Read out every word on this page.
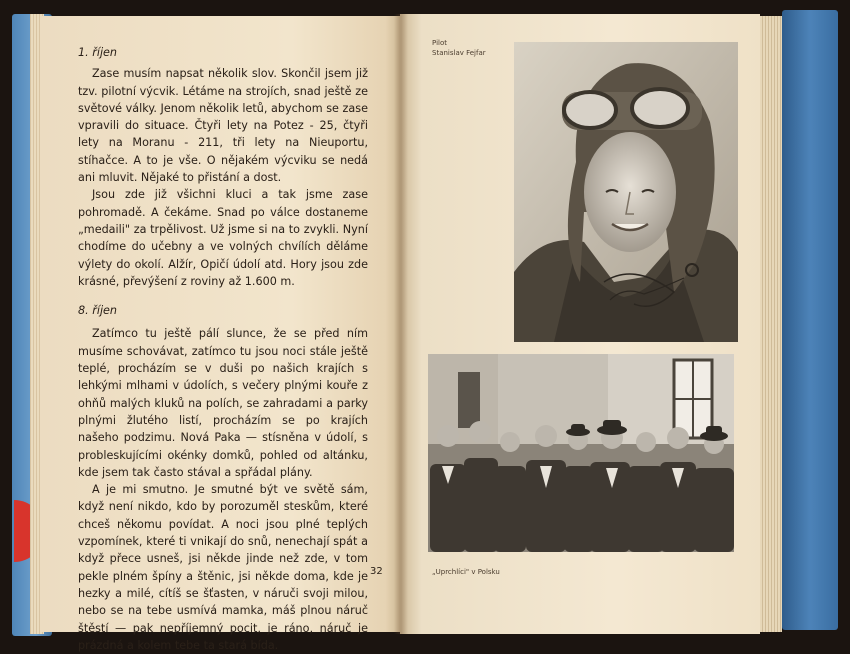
1. říjen

Zase musím napsat několik slov. Skončil jsem již tzv. pilotní výcvik. Létáme na strojích, snad ještě ze světové války. Jenom několik letů, abychom se zase vpravili do situace. Čtyři lety na Potez - 25, čtyři lety na Moranu - 211, tři lety na Nieuportu, stíhačce. A to je vše. O nějakém výcviku se nedá ani mluvit. Nějaké to přistání a dost.

Jsou zde již všichni kluci a tak jsme zase pohromadě. A čekáme. Snad po válce dostaneme „medaili" za trpělivost. Už jsme si na to zvykli. Nyní chodíme do učebny a ve volných chvílích děláme výlety do okolí. Alžír, Opičí údolí atd. Hory jsou zde krásné, převýšení z roviny až 1.600 m.

8. říjen

Zatímco tu ještě pálí slunce, že se před ním musíme schovávat, zatímco tu jsou noci stále ještě teplé, procházím se v duši po našich krajích s lehkými mlhami v údolích, s večery plnými kouře z ohňů malých kluků na polích, se zahradami a parky plnými žlutého listí, procházím se po krajích našeho podzimu. Nová Paka — stísněna v údolí, s probleskujícími okénky domků, pohled od altánku, kde jsem tak často stával a spřádal plány.

A je mi smutno. Je smutné být ve světě sám, když není nikdo, kdo by porozuměl steskům, které chceš někomu povídat. A noci jsou plné teplých vzpomínek, které ti vnikají do snů, nenechají spát a když přece usneš, jsi někde jinde než zde, v tom pekle plném špíny a štěnic, jsi někde doma, kde je hezky a milé, cítíš se šťasten, v náruči svoji milou, nebo se na tebe usmívá mamka, máš plnou náruč štěstí — pak nepříjemný pocit, je ráno, náruč je prázdná a kolem tebe ta stará bída.

32
Pilot
Stanislav Fejfar
„Uprchlíci" v Polsku
